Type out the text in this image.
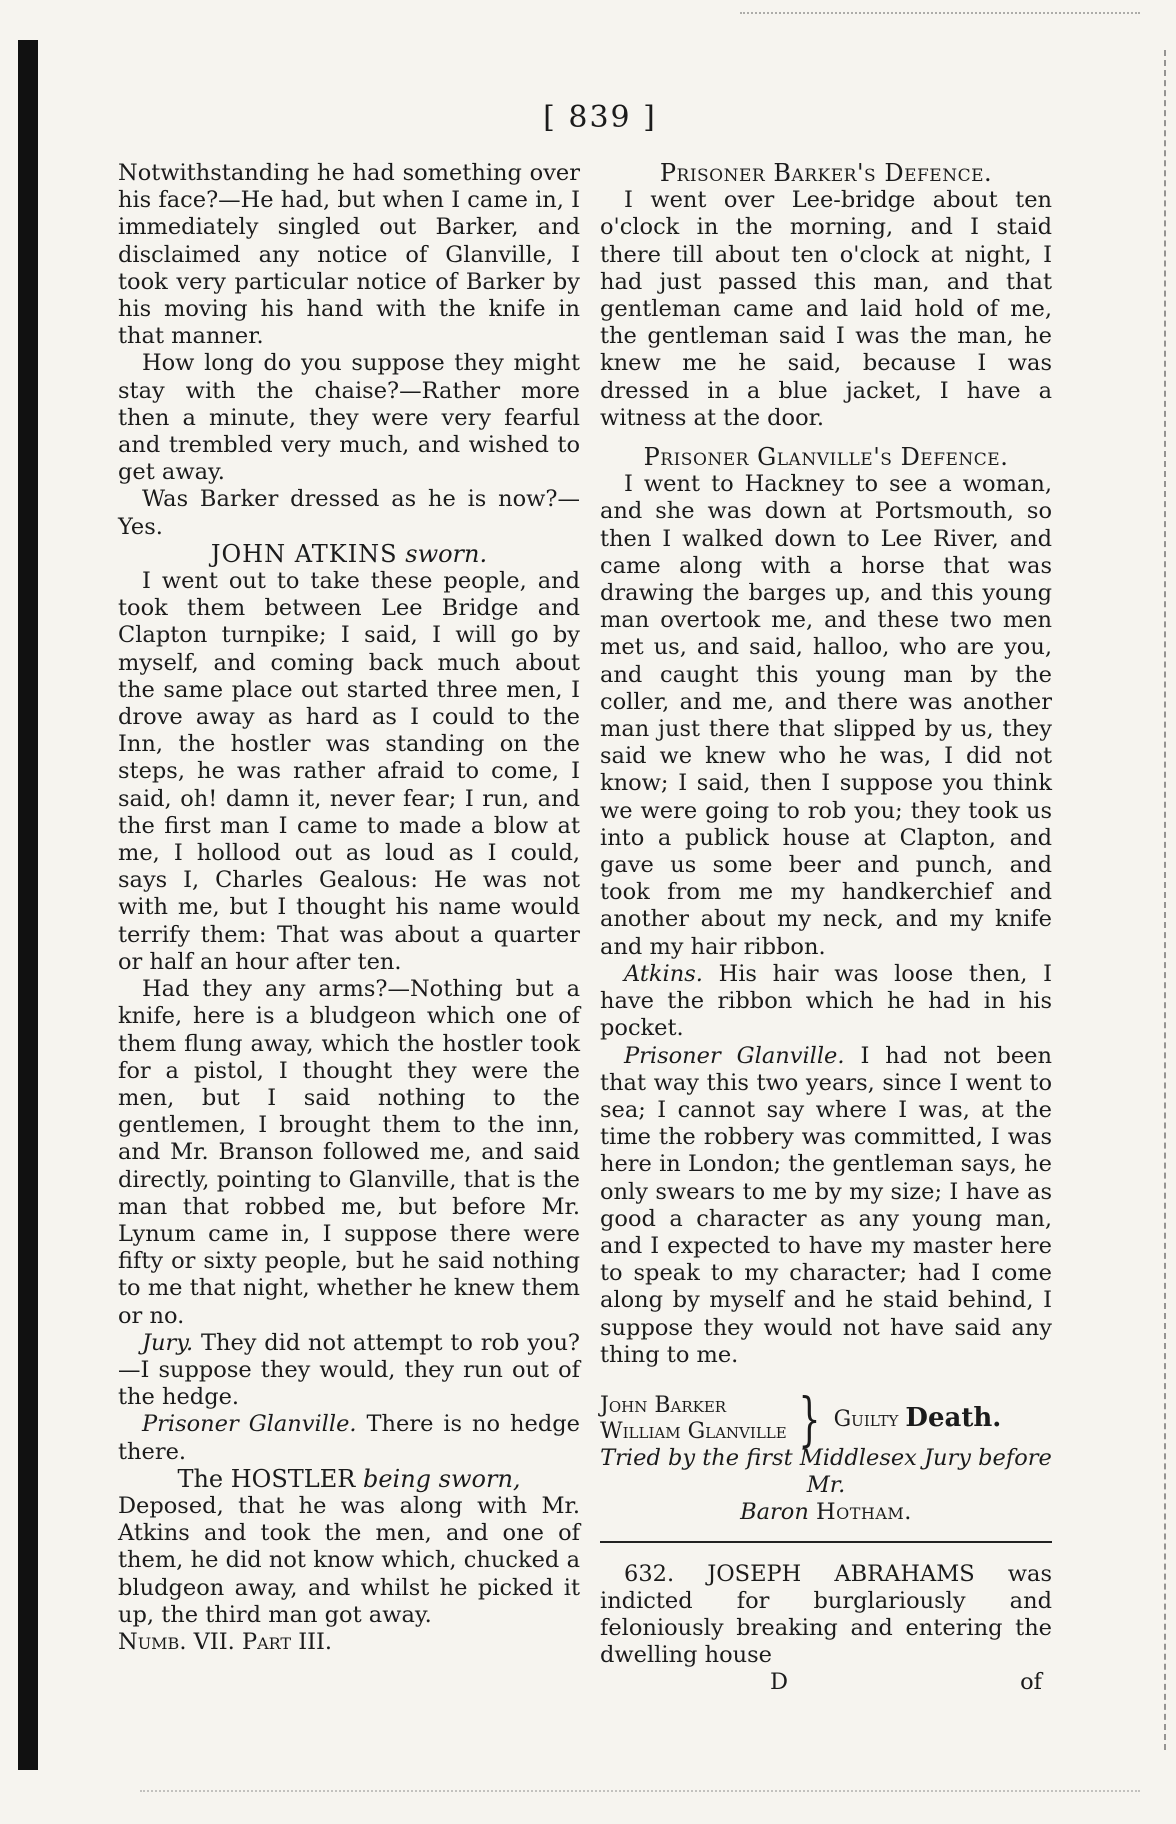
[ 839 ]

Notwithstanding he had something over his face?—He had, but when I came in, I immediately singled out Barker, and disclaimed any notice of Glanville, I took very particular notice of Barker by his moving his hand with the knife in that manner.

How long do you suppose they might stay with the chaise?—Rather more then a minute, they were very fearful and trembled very much, and wished to get away.

Was Barker dressed as he is now?—Yes.

JOHN ATKINS sworn.

I went out to take these people, and took them between Lee Bridge and Clapton turnpike; I said, I will go by myself, and coming back much about the same place out started three men, I drove away as hard as I could to the Inn, the hostler was standing on the steps, he was rather afraid to come, I said, oh! damn it, never fear; I run, and the first man I came to made a blow at me, I hollood out as loud as I could, says I, Charles Gealous: He was not with me, but I thought his name would terrify them: That was about a quarter or half an hour after ten.

Had they any arms?—Nothing but a knife, here is a bludgeon which one of them flung away, which the hostler took for a pistol, I thought they were the men, but I said nothing to the gentlemen, I brought them to the inn, and Mr. Branson followed me, and said directly, pointing to Glanville, that is the man that robbed me, but before Mr. Lynum came in, I suppose there were fifty or sixty people, but he said nothing to me that night, whether he knew them or no.

Jury. They did not attempt to rob you?—I suppose they would, they run out of the hedge.

Prisoner Glanville. There is no hedge there.

The HOSTLER being sworn,

Deposed, that he was along with Mr. Atkins and took the men, and one of them, he did not know which, chucked a bludgeon away, and whilst he picked it up, the third man got away.

Numb. VII. Part III.

Prisoner Barker's Defence.

I went over Lee-bridge about ten o'clock in the morning, and I staid there till about ten o'clock at night, I had just passed this man, and that gentleman came and laid hold of me, the gentleman said I was the man, he knew me he said, because I was dressed in a blue jacket, I have a witness at the door.

Prisoner Glanville's Defence.

I went to Hackney to see a woman, and she was down at Portsmouth, so then I walked down to Lee River, and came along with a horse that was drawing the barges up, and this young man overtook me, and these two men met us, and said, halloo, who are you, and caught this young man by the coller, and me, and there was another man just there that slipped by us, they said we knew who he was, I did not know; I said, then I suppose you think we were going to rob you; they took us into a publick house at Clapton, and gave us some beer and punch, and took from me my handkerchief and another about my neck, and my knife and my hair ribbon.

Atkins. His hair was loose then, I have the ribbon which he had in his pocket.

Prisoner Glanville. I had not been that way this two years, since I went to sea; I cannot say where I was, at the time the robbery was committed, I was here in London; the gentleman says, he only swears to me by my size; I have as good a character as any young man, and I expected to have my master here to speak to my character; had I come along by myself and he staid behind, I suppose they would not have said any thing to me.

John Barker
William Glanville } Guilty Death.

Tried by the first Middlesex Jury before Mr.
Baron Hotham.

632. JOSEPH ABRAHAMS was indicted for burglariously and feloniously breaking and entering the dwelling house

D	of
